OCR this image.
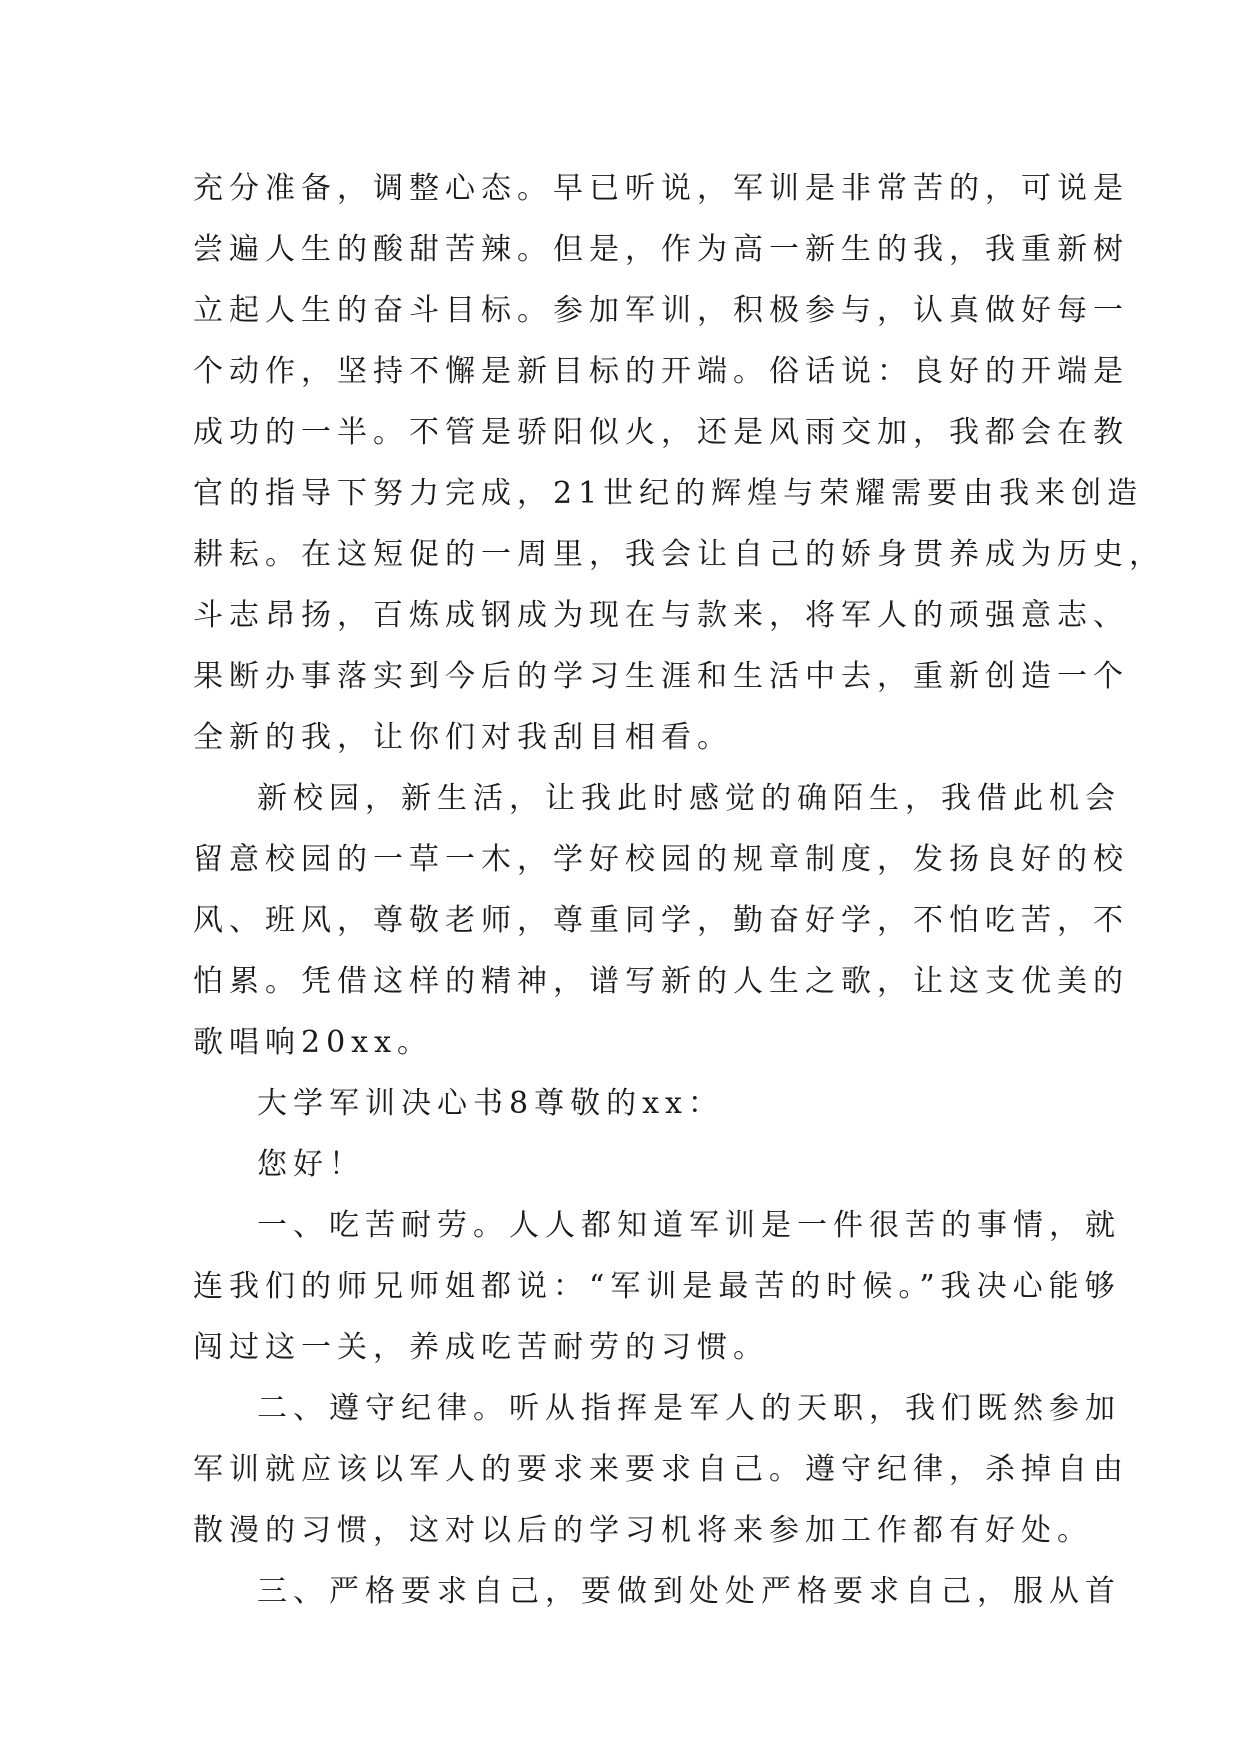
充分准备，调整心态。早已听说，军训是非常苦的，可说是
尝遍人生的酸甜苦辣。但是，作为高一新生的我，我重新树
立起人生的奋斗目标。参加军训，积极参与，认真做好每一
个动作，坚持不懈是新目标的开端。俗话说：良好的开端是
成功的一半。不管是骄阳似火，还是风雨交加，我都会在教
官的指导下努力完成，21世纪的辉煌与荣耀需要由我来创造
耕耘。在这短促的一周里，我会让自己的娇身贯养成为历史，
斗志昂扬，百炼成钢成为现在与款来，将军人的顽强意志、
果断办事落实到今后的学习生涯和生活中去，重新创造一个
全新的我，让你们对我刮目相看。
新校园，新生活，让我此时感觉的确陌生，我借此机会
留意校园的一草一木，学好校园的规章制度，发扬良好的校
风、班风，尊敬老师，尊重同学，勤奋好学，不怕吃苦，不
怕累。凭借这样的精神，谱写新的人生之歌，让这支优美的
歌唱响20xx。
大学军训决心书8尊敬的xx：
您好！
一、吃苦耐劳。人人都知道军训是一件很苦的事情，就
连我们的师兄师姐都说：“军训是最苦的时候。”我决心能够
闯过这一关，养成吃苦耐劳的习惯。
二、遵守纪律。听从指挥是军人的天职，我们既然参加
军训就应该以军人的要求来要求自己。遵守纪律，杀掉自由
散漫的习惯，这对以后的学习机将来参加工作都有好处。
三、严格要求自己，要做到处处严格要求自己，服从首
